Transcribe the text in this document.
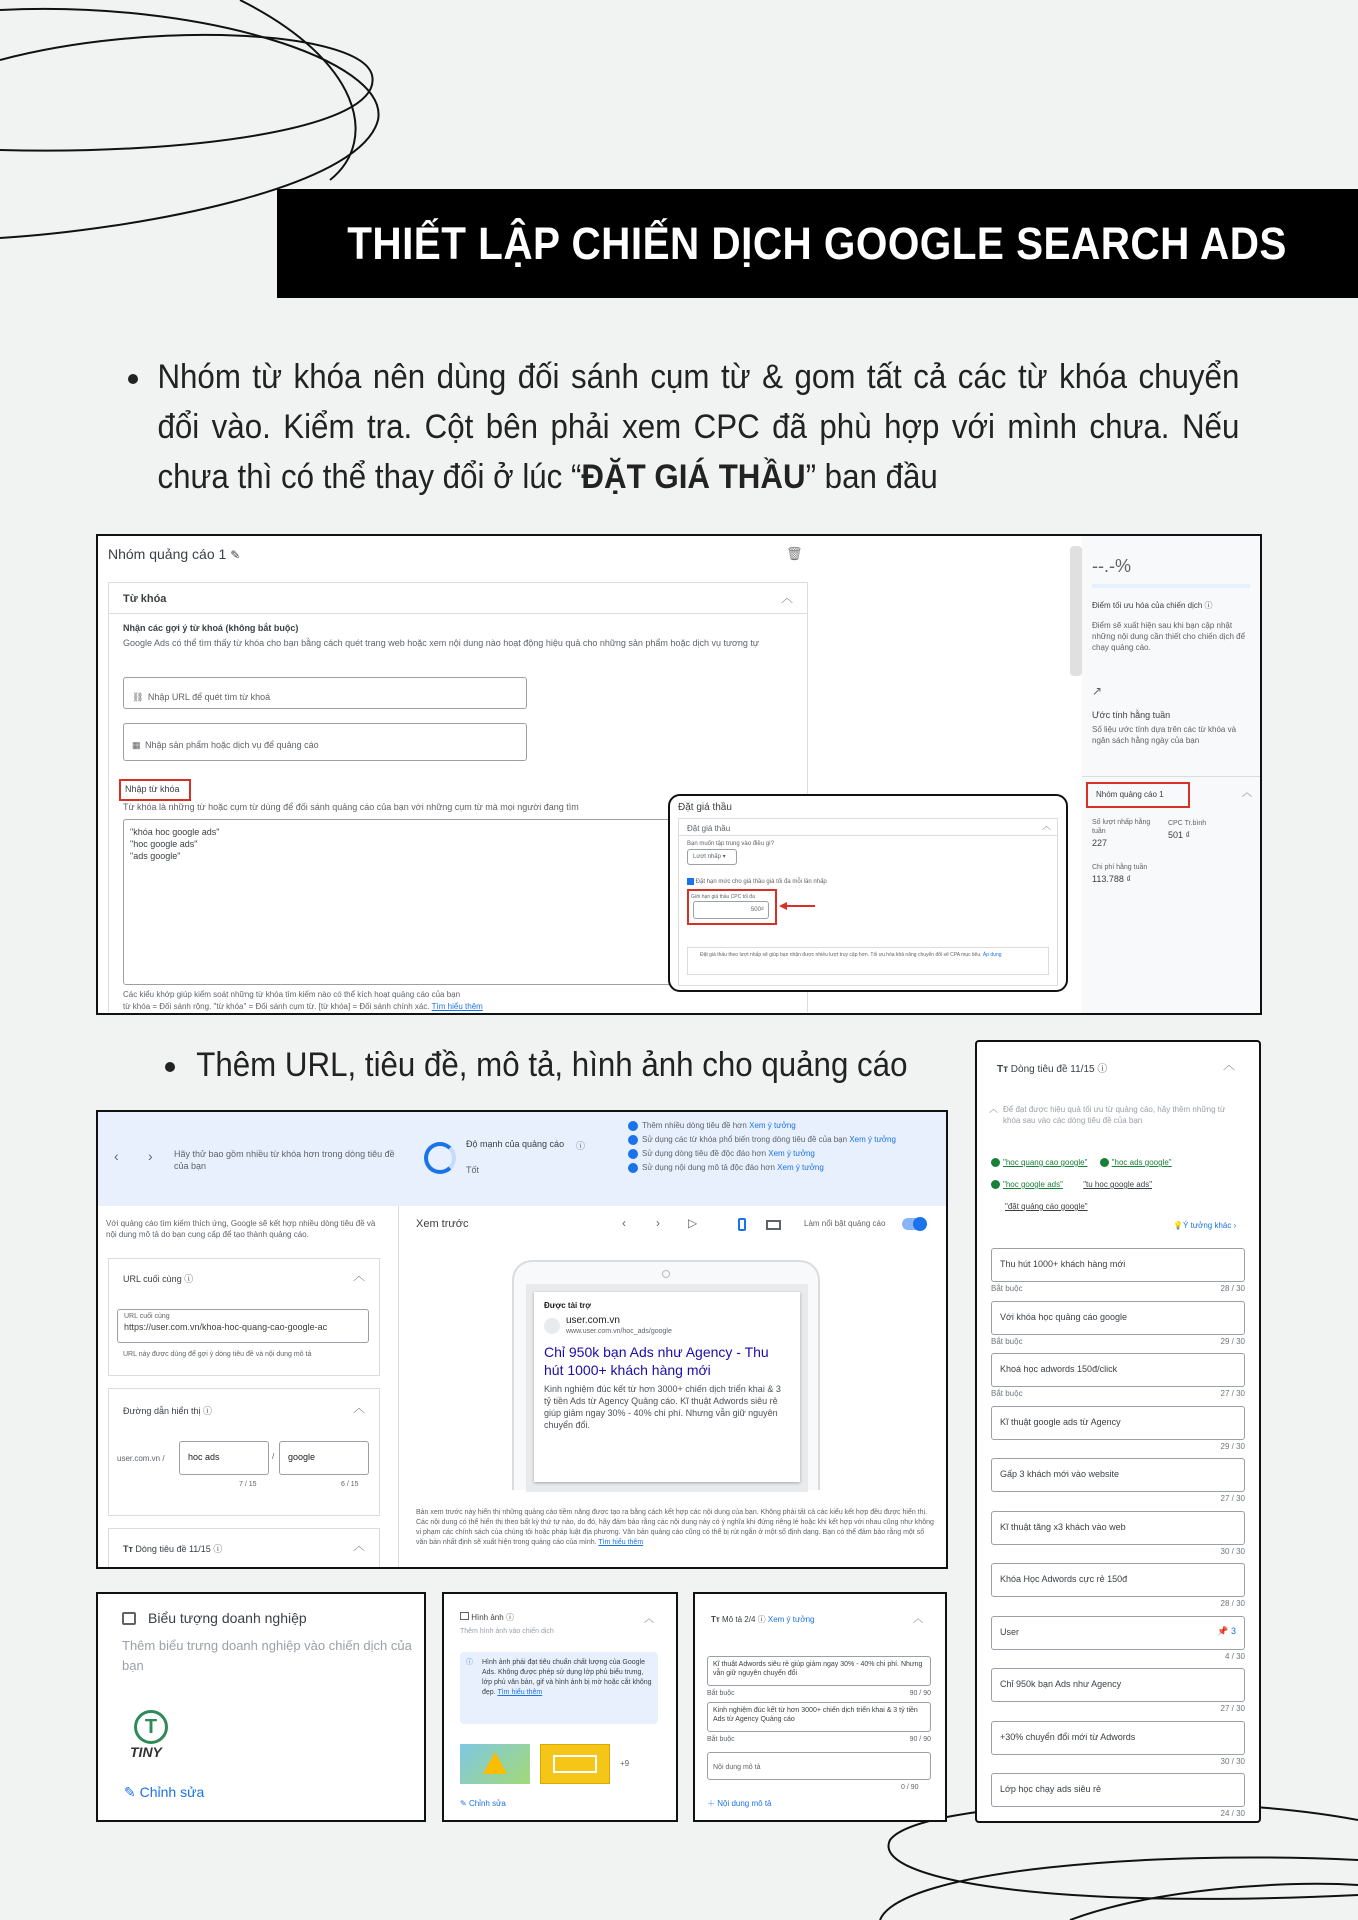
THIẾT LẬP CHIẾN DỊCH GOOGLE SEARCH ADS
Nhóm từ khóa nên dùng đối sánh cụm từ & gom tất cả các từ khóa chuyển đổi vào. Kiểm tra. Cột bên phải xem CPC đã phù hợp với mình chưa. Nếu chưa thì có thể thay đổi ở lúc “ĐẶT GIÁ THẦU” ban đầu
Nhóm quảng cáo 1 ✎	🗑
Từ khóa	︿
Nhận các gợi ý từ khoá (không bắt buộc)
Google Ads có thể tìm thấy từ khóa cho bạn bằng cách quét trang web hoặc xem nội dung nào hoạt động hiệu quả cho những sản phẩm hoặc dịch vụ tương tự
⛓ Nhập URL để quét tìm từ khoá
▦ Nhập sản phẩm hoặc dịch vụ để quảng cáo
Nhập từ khóa
Từ khóa là những từ hoặc cụm từ dùng để đối sánh quảng cáo của bạn với những cụm từ mà mọi người đang tìm
"khóa hoc google ads"
"hoc google ads"
"ads google"
Các kiểu khớp giúp kiểm soát những từ khóa tìm kiếm nào có thể kích hoạt quảng cáo của bạn
từ khóa = Đối sánh rộng. "từ khóa" = Đối sánh cụm từ. [từ khóa] = Đối sánh chính xác. Tìm hiểu thêm
Đặt giá thầu
Đặt giá thầu	︿
Bạn muốn tập trung vào điều gì?
Lượt nhấp ▾
Đặt hạn mức cho giá thầu giá tối đa mỗi lần nhấp
Giới hạn giá thầu CPC tối đa
500₫
Đặt giá thầu theo lượt nhấp sẽ giúp bạn nhận được nhiều lượt truy cập hơn. Tối ưu hóa khả năng chuyển đổi sẽ CPA mục tiêu. Áp dụng
--.-%
Điểm tối ưu hóa của chiến dịch ⓘ
Điểm sẽ xuất hiện sau khi bạn cập nhật những nội dung cần thiết cho chiến dịch để chạy quảng cáo.
↗
Ước tính hằng tuần
Số liệu ước tính dựa trên các từ khóa và ngân sách hằng ngày của bạn
Nhóm quảng cáo 1	︿
Số lượt nhấp hằng tuần
CPC Tr.bình
227
501 ₫
Chi phí hằng tuần
113.788 ₫
Thêm URL, tiêu đề, mô tả, hình ảnh cho quảng cáo
‹ › Hãy thử bao gồm nhiều từ khóa hơn trong dòng tiêu đề của bạn
Độ mạnh của quảng cáo
Tốt
ⓘ
Thêm nhiều dòng tiêu đề hơn Xem ý tưởng
Sử dụng các từ khóa phổ biến trong dòng tiêu đề của bạn Xem ý tưởng
Sử dụng dòng tiêu đề độc đáo hơn Xem ý tưởng
Sử dụng nội dung mô tả độc đáo hơn Xem ý tưởng
Với quảng cáo tìm kiếm thích ứng, Google sẽ kết hợp nhiều dòng tiêu đề và nội dung mô tả do bạn cung cấp để tạo thành quảng cáo.
URL cuối cùng ⓘ	︿
URL cuối cùng
https://user.com.vn/khoa-hoc-quang-cao-google-ac
URL này được dùng để gợi ý dòng tiêu đề và nội dung mô tả
Đường dẫn hiển thị ⓘ	︿
user.com.vn /	hoc ads	/	google
7 / 15	6 / 15
Tт Dòng tiêu đề 11/15 ⓘ	︿
Xem trước	‹	› ▷	Làm nổi bật quảng cáo
Được tài trợ
user.com.vn
www.user.com.vn/hoc_ads/google
Chỉ 950k bạn Ads như Agency - Thu hút 1000+ khách hàng mới
Kinh nghiệm đúc kết từ hơn 3000+ chiến dịch triển khai & 3 tỷ tiền Ads từ Agency Quảng cáo. Kĩ thuật Adwords siêu rẻ giúp giảm ngay 30% - 40% chi phí. Nhưng vẫn giữ nguyên chuyển đổi.
Bản xem trước này hiển thị những quảng cáo tiềm năng được tạo ra bằng cách kết hợp các nội dung của bạn. Không phải tất cả các kiểu kết hợp đều được hiển thị. Các nội dung có thể hiển thị theo bất kỳ thứ tự nào, do đó, hãy đảm bảo rằng các nội dung này có ý nghĩa khi đứng riêng lẻ hoặc khi kết hợp với nhau cũng như không vi phạm các chính sách của chúng tôi hoặc pháp luật địa phương. Văn bản quảng cáo cũng có thể bị rút ngắn ở một số định dạng. Bạn có thể đảm bảo rằng một số văn bản nhất định sẽ xuất hiện trong quảng cáo của mình. Tìm hiểu thêm
Tт Dòng tiêu đề 11/15 ⓘ	︿
︿ Để đạt được hiệu quả tối ưu từ quảng cáo, hãy thêm những từ khóa sau vào các dòng tiêu đề của bạn
"hoc quang cao google"	"hoc ads google"
"hoc google ads"	"tu hoc google ads"
"đặt quảng cáo google"
💡Ý tưởng khác ›
Thu hút 1000+ khách hàng mới
Bắt buộc	28 / 30
Với khóa học quảng cáo google
Bắt buộc	29 / 30
Khoá học adwords 150đ/click
Bắt buộc	27 / 30
Kĩ thuật google ads từ Agency
29 / 30
Gấp 3 khách mới vào website
27 / 30
Kĩ thuật tăng x3 khách vào web
30 / 30
Khóa Học Adwords cực rẻ 150đ
28 / 30
User	📌 3
4 / 30
Chỉ 950k bạn Ads như Agency
27 / 30
+30% chuyển đổi mới từ Adwords
30 / 30
Lớp học chạy ads siêu rẻ
24 / 30
Biểu tượng doanh nghiệp
Thêm biểu trưng doanh nghiệp vào chiến dịch của bạn
T
TINY
✎ Chỉnh sửa
Hình ảnh ⓘ	︿
Thêm hình ảnh vào chiến dịch
ⓘ Hình ảnh phải đạt tiêu chuẩn chất lượng của Google Ads. Không được phép sử dụng lớp phủ biểu trưng, lớp phủ văn bản, gif và hình ảnh bị mờ hoặc cắt không đẹp. Tìm hiểu thêm
+9
✎ Chỉnh sửa
Tт Mô tả 2/4 ⓘ Xem ý tưởng	︿
Kĩ thuật Adwords siêu rẻ giúp giảm ngay 30% - 40% chi phí. Nhưng vẫn giữ nguyên chuyển đổi
Bắt buộc	90 / 90
Kinh nghiệm đúc kết từ hơn 3000+ chiến dịch triển khai & 3 tỷ tiền Ads từ Agency Quảng cáo
Bắt buộc	90 / 90
Nội dung mô tả
0 / 90
＋ Nội dung mô tả
